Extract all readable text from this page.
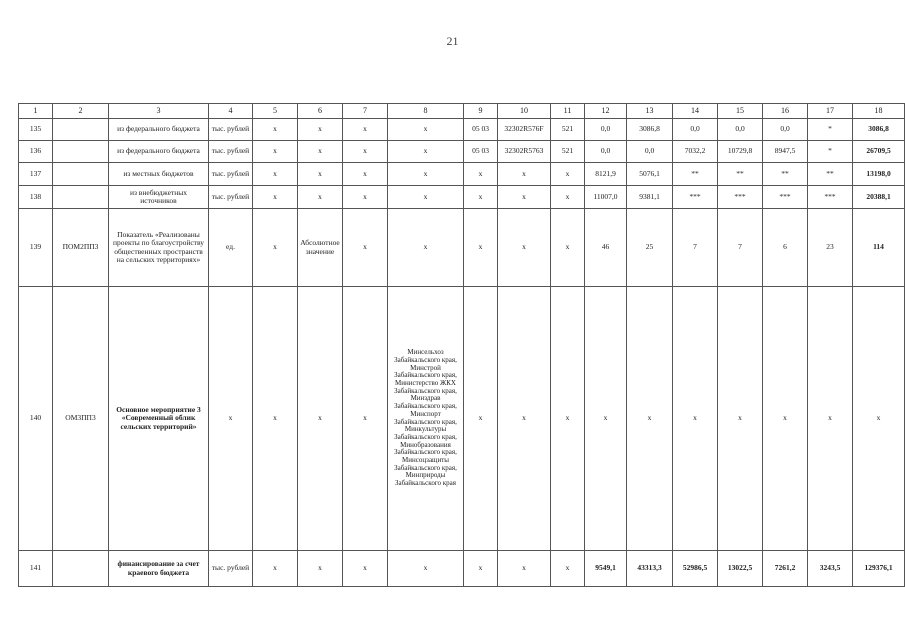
21
1	2	3	4	5	6	7	8	9	10	11	12	13	14	15	16	17	18
135		из федерального бюджета	тыс. рублей	х	х	х	х	05 03	32302R576F	521	0,0	3086,8	0,0	0,0	0,0	*	3086,8
136		из федерального бюджета	тыс. рублей	х	х	х	х	05 03	32302R5763	521	0,0	0,0	7032,2	10729,8	8947,5	*	26709,5
137		из местных бюджетов	тыс. рублей	х	х	х	х	х	х	х	8121,9	5076,1	**	**	**	**	13198,0
138		из внебюджетных источников	тыс. рублей	х	х	х	х	х	х	х	11007,0	9381,1	***	***	***	***	20388,1
139	ПОМ2ПП3	Показатель «Реализованы проекты по благоустройству общественных пространств на сельских территориях»	ед.	х	Абсолютное значение	х	х	х	х	х	46	25	7	7	6	23	114
140	ОМ3ПП3	Основное мероприятие 3 «Современный облик сельских территорий»	х	х	х	х	Минсельхоз Забайкальского края, Минстрой Забайкальского края, Министерство ЖКХ Забайкальского края, Минздрав Забайкальского края, Минспорт Забайкальского края, Минкультуры Забайкальского края, Минобразования Забайкальского края, Минсоцзащиты Забайкальского края, Минприроды Забайкальского края	х	х	х	х	х	х	х	х	х	х
141		финансирование за счет краевого бюджета	тыс. рублей	х	х	х	х	х	х	х	9549,1	43313,3	52986,5	13022,5	7261,2	3243,5	129376,1
